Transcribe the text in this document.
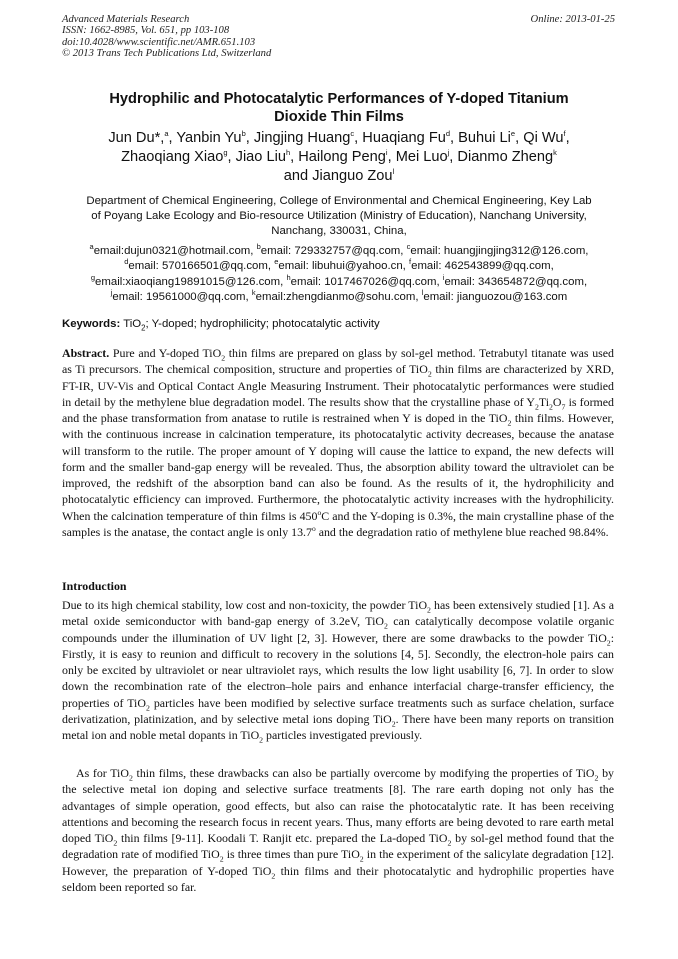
Advanced Materials Research
ISSN: 1662-8985, Vol. 651, pp 103-108
doi:10.4028/www.scientific.net/AMR.651.103
© 2013 Trans Tech Publications Ltd, Switzerland
Online: 2013-01-25
Hydrophilic and Photocatalytic Performances of Y-doped Titanium
Dioxide Thin Films
Jun Du*,$^a$, Yanbin Yu$^b$, Jingjing Huang$^c$, Huaqiang Fu$^d$, Buhui Li$^e$, Qi Wu$^f$,
Zhaoqiang Xiao$^g$, Jiao Liu$^h$, Hailong Peng$^i$, Mei Luo$^j$, Dianmo Zheng$^k$
and Jianguo Zou$^l$
Department of Chemical Engineering, College of Environmental and Chemical Engineering, Key Lab
of Poyang Lake Ecology and Bio-resource Utilization (Ministry of Education), Nanchang University,
Nanchang, 330031, China,
$^a$email:dujun0321@hotmail.com, $^b$email: 729332757@qq.com, $^c$email: huangjingjing312@126.com,
$^d$email: 570166501@qq.com, $^e$email: libuhui@yahoo.cn, $^f$email: 462543899@qq.com,
$^g$email:xiaoqiang19891015@126.com, $^h$email: 1017467026@qq.com, $^i$email: 343654872@qq.com,
$^j$email: 19561000@qq.com, $^k$email:zhengdianmo@sohu.com, $^l$email: jianguozou@163.com
Keywords: TiO$_2$; Y-doped; hydrophilicity; photocatalytic activity

Abstract. Pure and Y-doped TiO$_2$ thin films are prepared on glass by sol-gel method. Tetrabutyl titanate was used as Ti precursors. The chemical composition, structure and properties of TiO$_2$ thin films are characterized by XRD, FT-IR, UV-Vis and Optical Contact Angle Measuring Instrument. Their photocatalytic performances were studied in detail by the methylene blue degradation model. The results show that the crystalline phase of $Y_2Ti_2O_7$ is formed and the phase transformation from anatase to rutile is restrained when Y is doped in the TiO$_2$ thin films. However, with the continuous increase in calcination temperature, its photocatalytic activity decreases, because the anatase will transform to the rutile. The proper amount of Y doping will cause the lattice to expand, the new defects will form and the smaller band-gap energy will be revealed. Thus, the absorption ability toward the ultraviolet can be improved, the redshift of the absorption band can also be found. As the results of it, the hydrophilicity and photocatalytic efficiency can improved. Furthermore, the photocatalytic activity increases with the hydrophilicity. When the calcination temperature of thin films is 450$^o$C and the Y-doping is 0.3%, the main crystalline phase of the samples is the anatase, the contact angle is only 13.7$^o$ and the degradation ratio of methylene blue reached 98.84%.

Introduction

Due to its high chemical stability, low cost and non-toxicity, the powder TiO$_2$ has been extensively studied [1]. As a metal oxide semiconductor with band-gap energy of 3.2eV, TiO$_2$ can catalytically decompose volatile organic compounds under the illumination of UV light [2, 3]. However, there are some drawbacks to the powder TiO$_2$: Firstly, it is easy to reunion and difficult to recovery in the solutions [4, 5]. Secondly, the electron-hole pairs can only be excited by ultraviolet or near ultraviolet rays, which results the low light usability [6, 7]. In order to slow down the recombination rate of the electron–hole pairs and enhance interfacial charge-transfer efficiency, the properties of TiO$_2$ particles have been modified by selective surface treatments such as surface chelation, surface derivatization, platinization, and by selective metal ions doping TiO$_2$. There have been many reports on transition metal ion and noble metal dopants in TiO$_2$ particles investigated previously.

As for TiO$_2$ thin films, these drawbacks can also be partially overcome by modifying the properties of TiO$_2$ by the selective metal ion doping and selective surface treatments [8]. The rare earth doping not only has the advantages of simple operation, good effects, but also can raise the photocatalytic rate. It has been receiving attentions and becoming the research focus in recent years. Thus, many efforts are being devoted to rare earth metal doped TiO$_2$ thin films [9-11]. Koodali T. Ranjit etc. prepared the La-doped TiO$_2$ by sol-gel method found that the degradation rate of modified TiO$_2$ is three times than pure TiO$_2$ in the experiment of the salicylate degradation [12]. However, the preparation of Y-doped TiO$_2$ thin films and their photocatalytic and hydrophilic properties have seldom been reported so far.
